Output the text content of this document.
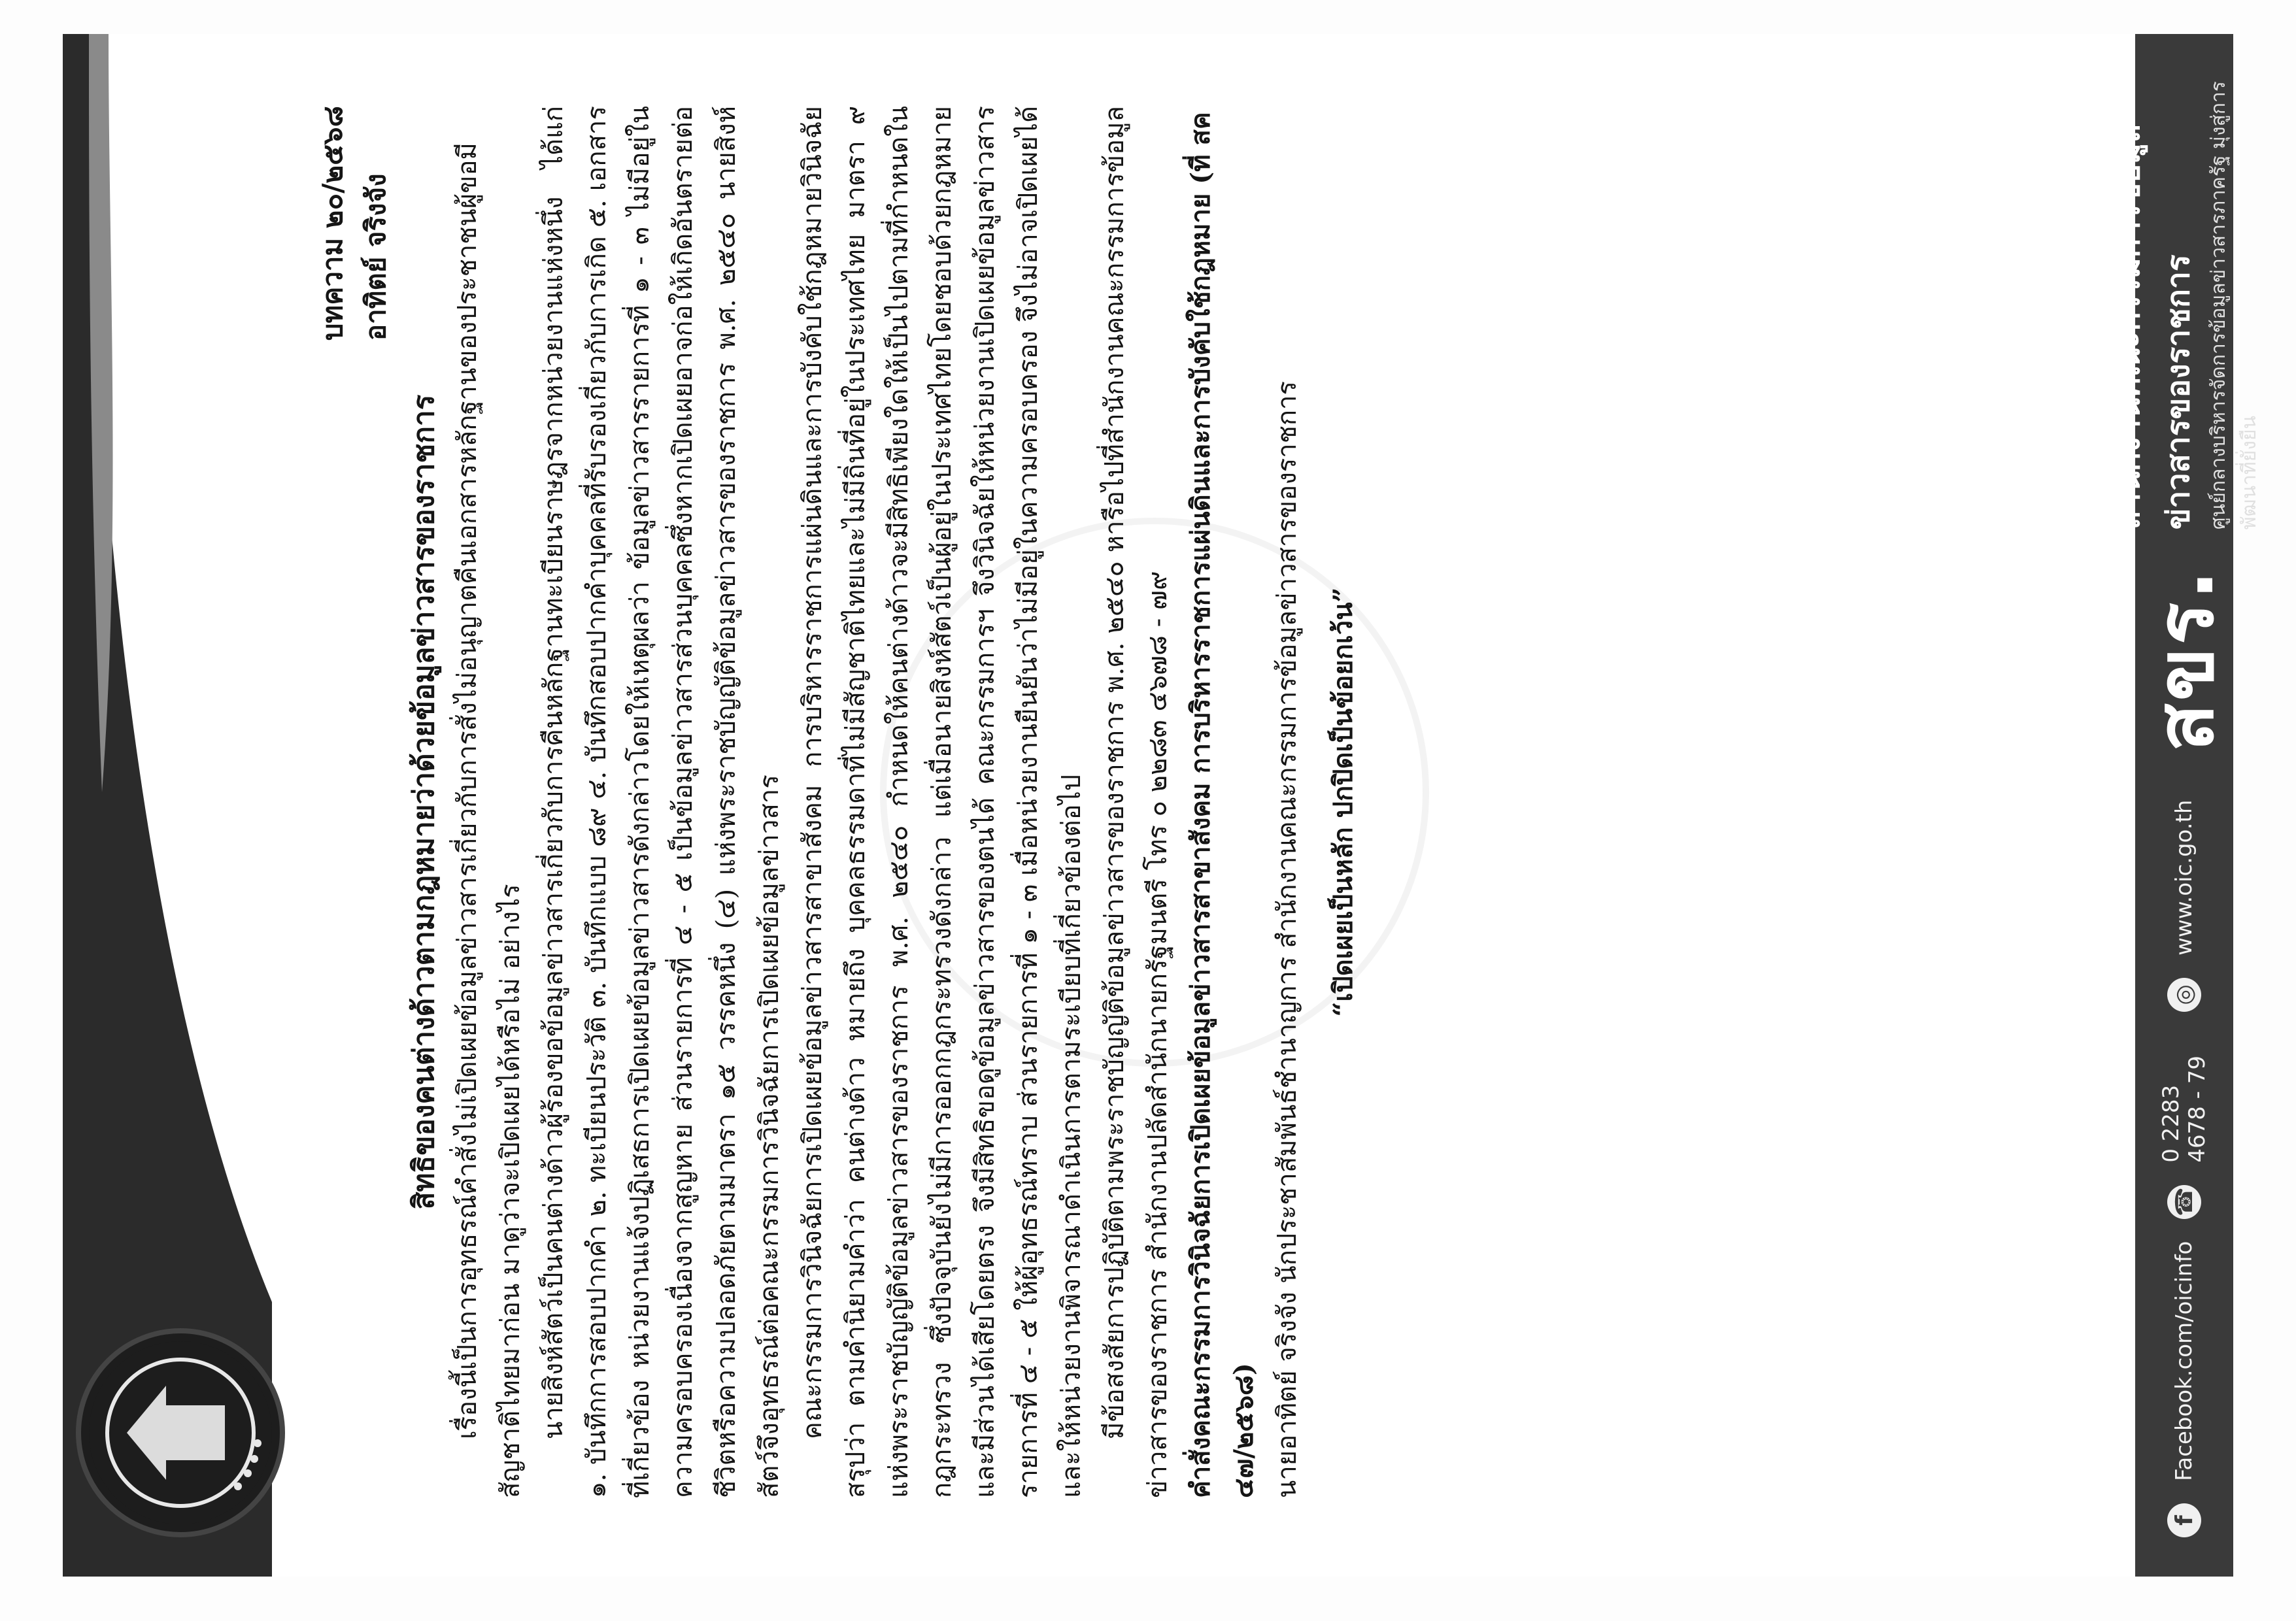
บทความ ๒๐/๒๕๖๘ อาทิตย์ จริงจัง

สิทธิของคนต่างด้าวตามกฎหมายว่าด้วยข้อมูลข่าวสารของราชการ เรื่องนี้เป็นการอุทธรณ์คำสั่งไม่เปิดเผยข้อมูลข่าวสารเกี่ยวกับการสั่งไม่อนุญาตคืนเอกสารหลักฐานของประชาชนผู้ขอมีสัญชาติไทยมาก่อน มาดูว่าจะเปิดเผยได้หรือไม่ อย่างไร นายสิงห์สัตว์เป็นคนต่างด้าวผู้ร้องขอข้อมูลข่าวสารเกี่ยวกับการคืนหลักฐานทะเบียนราษฎรจากหน่วยงานแห่งหนึ่ง ได้แก่ ๑. บันทึกการสอบปากคำ ๒. ทะเบียนประวัติ ๓. บันทึกแบบ ๘๙ ๔. บันทึกสอบปากคำบุคคลที่รับรองเกี่ยวกับการเกิด ๕. เอกสารที่เกี่ยวข้อง หน่วยงานแจ้งปฏิเสธการเปิดเผยข้อมูลข่าวสารดังกล่าวโดยให้เหตุผลว่า ข้อมูลข่าวสารรายการที่ ๑ - ๓ ไม่มีอยู่ในความครอบครองเนื่องจากสูญหาย ส่วนรายการที่ ๔ - ๕ เป็นข้อมูลข่าวสารส่วนบุคคลซึ่งหากเปิดเผยอาจก่อให้เกิดอันตรายต่อชีวิตหรือความปลอดภัยตามมาตรา ๑๕ วรรคหนึ่ง (๔) แห่งพระราชบัญญัติข้อมูลข่าวสารของราชการ พ.ศ. ๒๕๔๐ นายสิงห์สัตว์จึงอุทธรณ์ต่อคณะกรรมการวินิจฉัยการเปิดเผยข้อมูลข่าวสาร คณะกรรมการวินิจฉัยการเปิดเผยข้อมูลข่าวสารสาขาสังคม การบริหารราชการแผ่นดินและการบังคับใช้กฎหมายวินิจฉัยสรุปว่า ตามคำนิยามคำว่า คนต่างด้าว หมายถึง บุคคลธรรมดาที่ไม่มีสัญชาติไทยและไม่มีถิ่นที่อยู่ในประเทศไทย มาตรา ๙ แห่งพระราชบัญญัติข้อมูลข่าวสารของราชการ พ.ศ. ๒๕๔๐ กำหนดให้คนต่างด้าวจะมีสิทธิเพียงใดให้เป็นไปตามที่กำหนดในกฎกระทรวง ซึ่งปัจจุบันยังไม่มีการออกกฎกระทรวงดังกล่าว แต่เมื่อนายสิงห์สัตว์เป็นผู้อยู่ในประเทศไทยโดยชอบด้วยกฎหมายและมีส่วนได้เสียโดยตรง จึงมีสิทธิขอดูข้อมูลข่าวสารของตนได้ คณะกรรมการฯ จึงวินิจฉัยให้หน่วยงานเปิดเผยข้อมูลข่าวสารรายการที่ ๔ - ๕ ให้ผู้อุทธรณ์ทราบ ส่วนรายการที่ ๑ - ๓ เมื่อหน่วยงานยืนยันว่าไม่มีอยู่ในความครอบครอง จึงไม่อาจเปิดเผยได้ และให้หน่วยงานพิจารณาดำเนินการตามระเบียบที่เกี่ยวข้องต่อไป มีข้อสงสัยการปฏิบัติตามพระราชบัญญัติข้อมูลข่าวสารของราชการ พ.ศ. ๒๕๔๐ หารือไปที่สำนักงานคณะกรรมการข้อมูลข่าวสารของราชการ สำนักงานปลัดสำนักนายกรัฐมนตรี โทร ๐ ๒๒๘๓ ๔๖๗๘ - ๗๙ คำสั่งคณะกรรมการวินิจฉัยการเปิดเผยข้อมูลข่าวสารสาขาสังคม การบริหารราชการแผ่นดินและการบังคับใช้กฎหมาย (ที่ สค ๔๗/๒๕๖๘) นายอาทิตย์ จริงจัง นักประชาสัมพันธ์ชำนาญการ สำนักงานคณะกรรมการข้อมูลข่าวสารของราชการ “เปิดเผยเป็นหลัก ปกปิดเป็นข้อยกเว้น”

f
Facebook.com/oicinfo
☎
0 2283 4678 - 79
◎
www.oic.go.th
สขร.
สำนักงานคณะกรรมการข้อมูลข่าวสารของราชการ ศูนย์กลางบริหารจัดการข้อมูลข่าวสารภาครัฐ มุ่งสู่การพัฒนาที่ยั่งยืน
